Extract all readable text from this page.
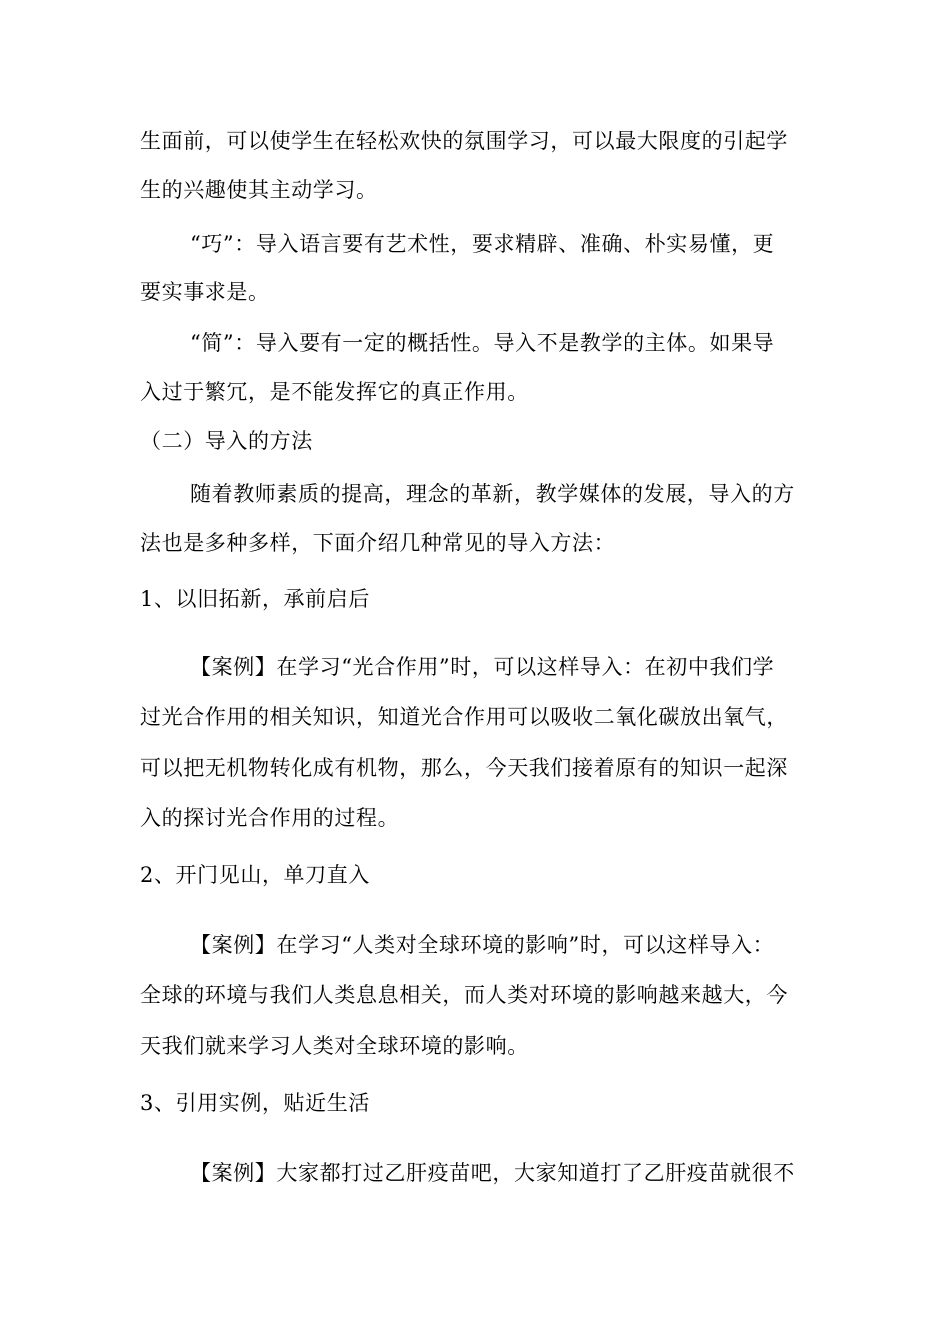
生面前，可以使学生在轻松欢快的氛围学习，可以最大限度的引起学
生的兴趣使其主动学习。
“巧”：导入语言要有艺术性，要求精辟、准确、朴实易懂，更
要实事求是。
“简”：导入要有一定的概括性。导入不是教学的主体。如果导
入过于繁冗，是不能发挥它的真正作用。
（二）导入的方法
随着教师素质的提高，理念的革新，教学媒体的发展，导入的方
法也是多种多样，下面介绍几种常见的导入方法：
1、以旧拓新，承前启后
【案例】在学习“光合作用”时，可以这样导入：在初中我们学
过光合作用的相关知识，知道光合作用可以吸收二氧化碳放出氧气，
可以把无机物转化成有机物，那么，今天我们接着原有的知识一起深
入的探讨光合作用的过程。
2、开门见山，单刀直入
【案例】在学习“人类对全球环境的影响”时，可以这样导入：
全球的环境与我们人类息息相关，而人类对环境的影响越来越大，今
天我们就来学习人类对全球环境的影响。
3、引用实例，贴近生活
【案例】大家都打过乙肝疫苗吧，大家知道打了乙肝疫苗就很不
